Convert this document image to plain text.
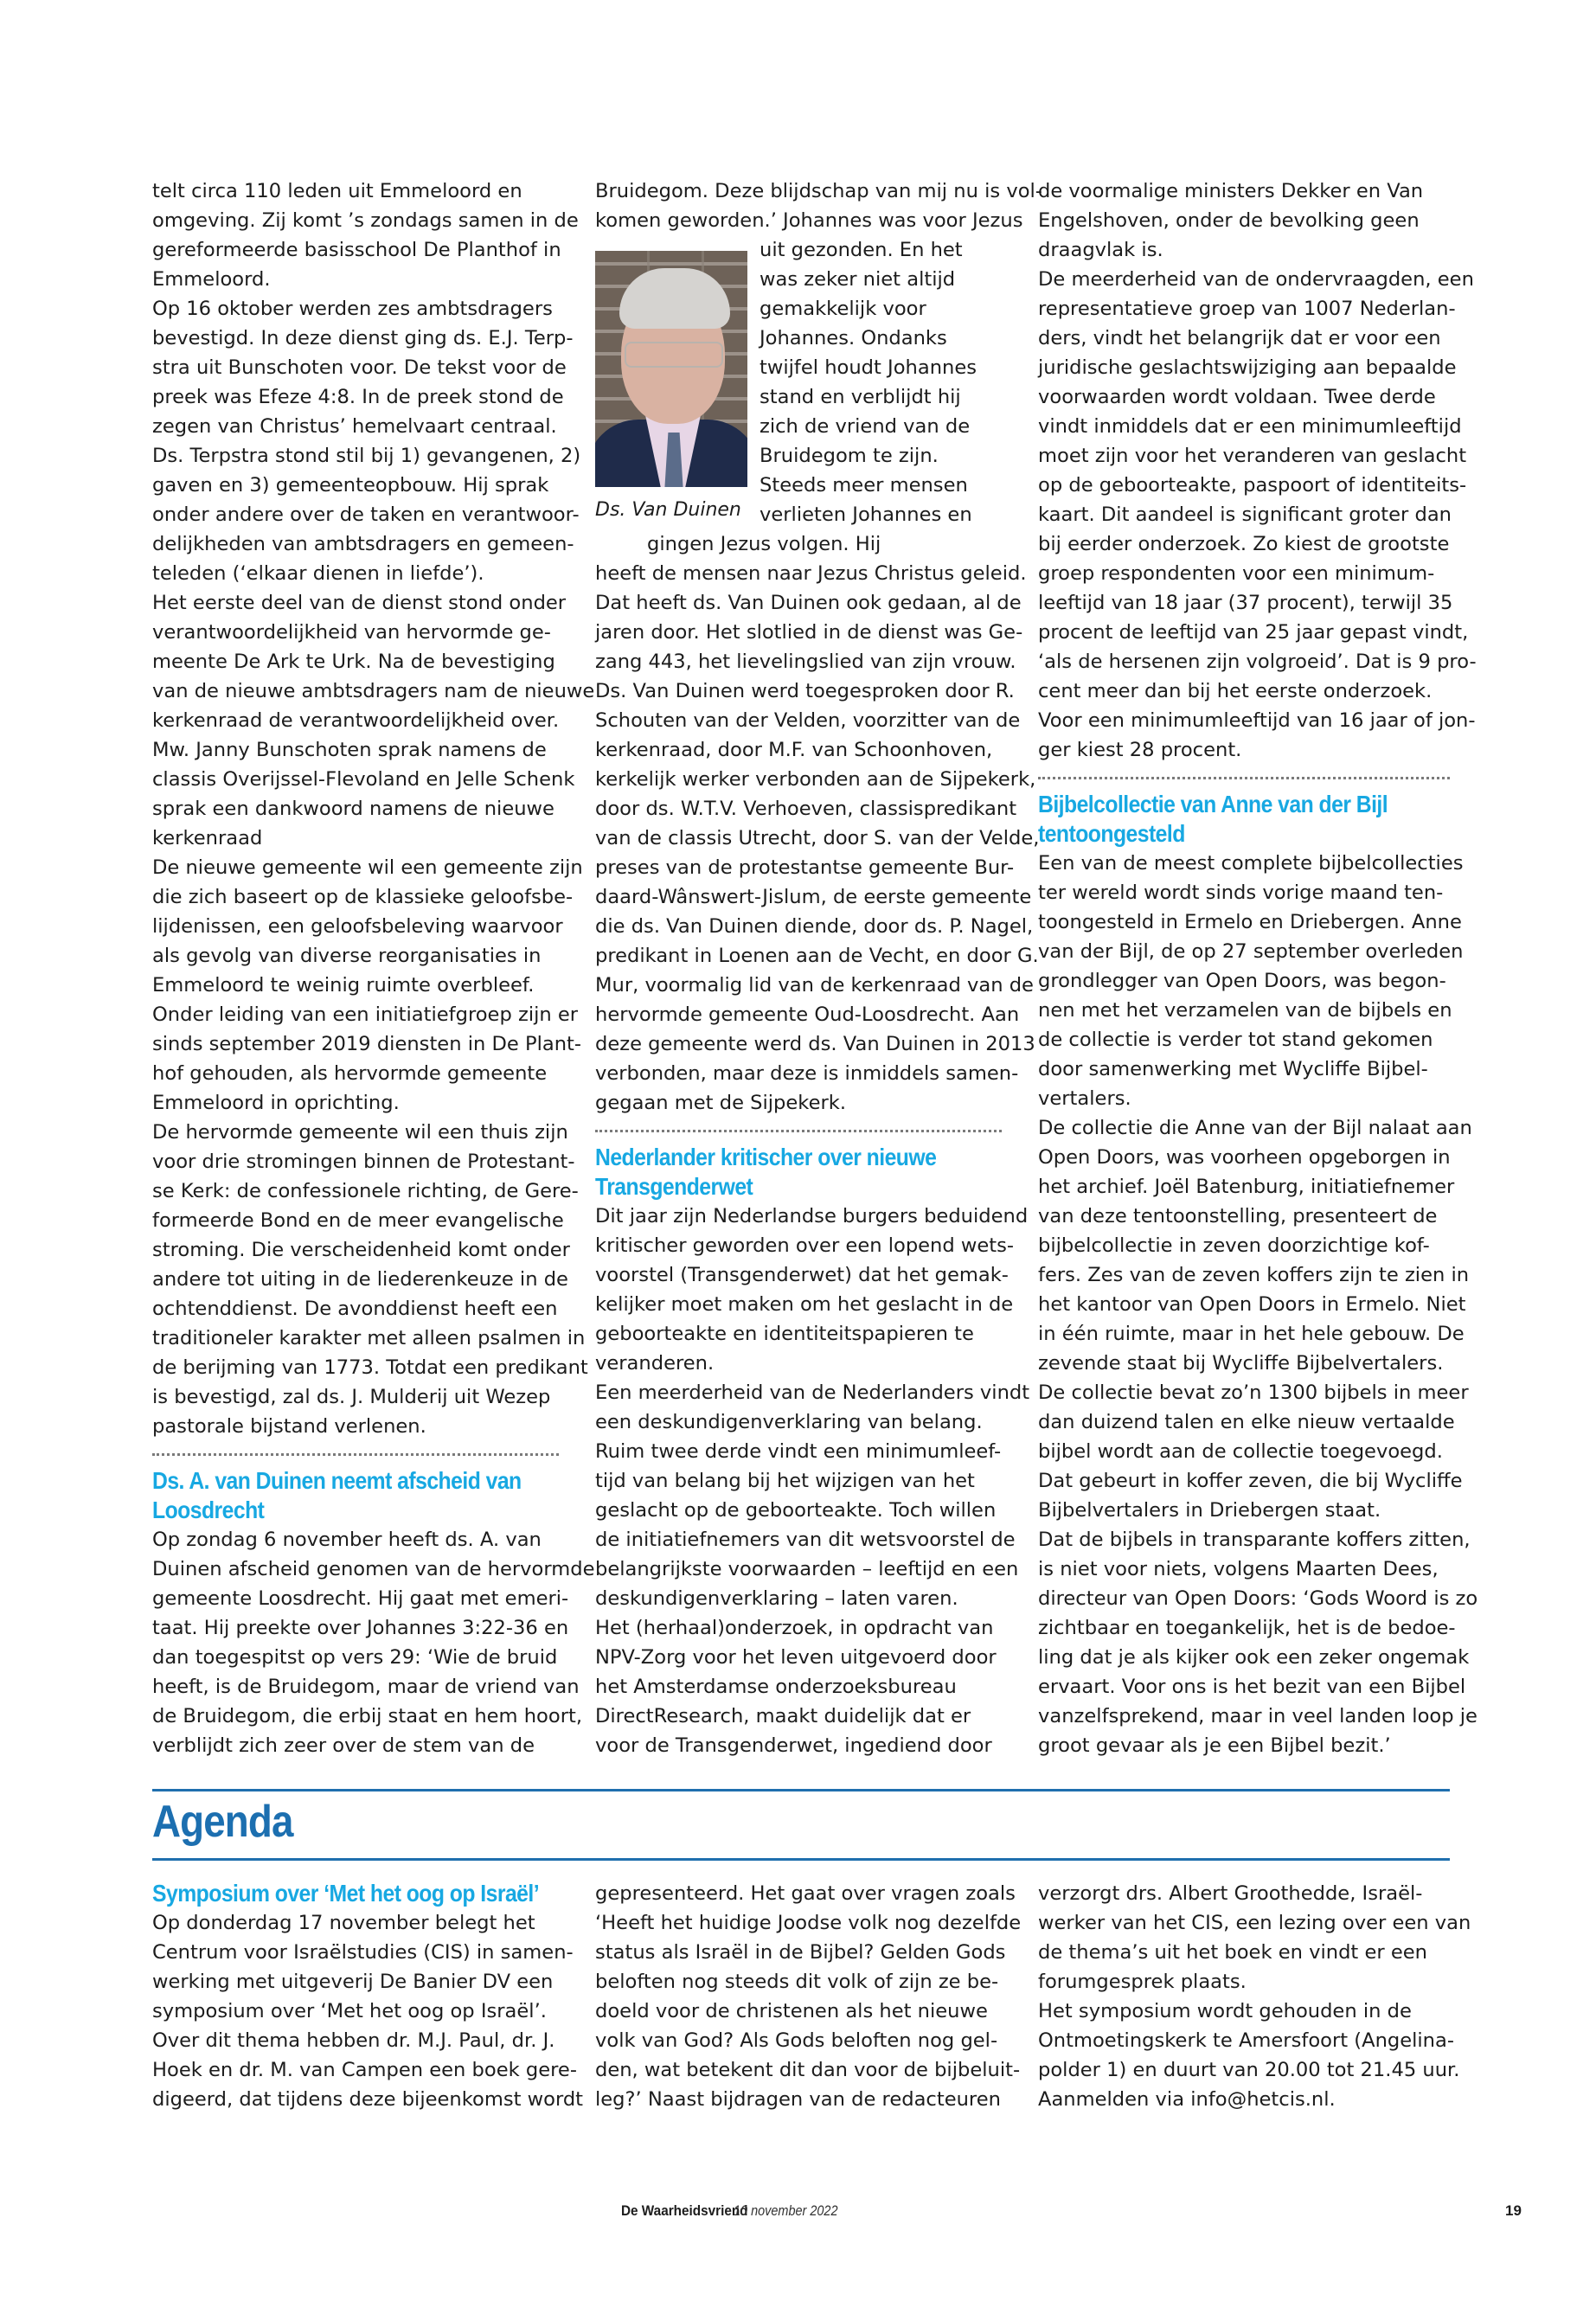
telt circa 110 leden uit Emmeloord en
omgeving. Zij komt ’s zondags samen in de
gereformeerde basisschool De Planthof in
Emmeloord.
Op 16 oktober werden zes ambtsdragers
bevestigd. In deze dienst ging ds. E.J. Terp-
stra uit Bunschoten voor. De tekst voor de
preek was Efeze 4:8. In de preek stond de
zegen van Christus’ hemelvaart centraal.
Ds. Terpstra stond stil bij 1) gevangenen, 2)
gaven en 3) gemeenteopbouw. Hij sprak
onder andere over de taken en verantwoor-
delijkheden van ambtsdragers en gemeen-
teleden (‘elkaar dienen in liefde’).
Het eerste deel van de dienst stond onder
verantwoordelijkheid van hervormde ge-
meente De Ark te Urk. Na de bevestiging
van de nieuwe ambtsdragers nam de nieuwe
kerkenraad de verantwoordelijkheid over.
Mw. Janny Bunschoten sprak namens de
classis Overijssel-Flevoland en Jelle Schenk
sprak een dankwoord namens de nieuwe
kerkenraad
De nieuwe gemeente wil een gemeente zijn
die zich baseert op de klassieke geloofsbe-
lijdenissen, een geloofsbeleving waarvoor
als gevolg van diverse reorganisaties in
Emmeloord te weinig ruimte overbleef.
Onder leiding van een initiatiefgroep zijn er
sinds september 2019 diensten in De Plant-
hof gehouden, als hervormde gemeente
Emmeloord in oprichting.
De hervormde gemeente wil een thuis zijn
voor drie stromingen binnen de Protestant-
se Kerk: de confessionele richting, de Gere-
formeerde Bond en de meer evangelische
stroming. Die verscheidenheid komt onder
andere tot uiting in de liederenkeuze in de
ochtenddienst. De avonddienst heeft een
traditioneler karakter met alleen psalmen in
de berijming van 1773. Totdat een predikant
is bevestigd, zal ds. J. Mulderij uit Wezep
pastorale bijstand verlenen.
Ds. A. van Duinen neemt afscheid van
Loosdrecht
Op zondag 6 november heeft ds. A. van
Duinen afscheid genomen van de hervormde
gemeente Loosdrecht. Hij gaat met emeri-
taat. Hij preekte over Johannes 3:22-36 en
dan toegespitst op vers 29: ‘Wie de bruid
heeft, is de Bruidegom, maar de vriend van
de Bruidegom, die erbij staat en hem hoort,
verblijdt zich zeer over de stem van de
Bruidegom. Deze blijdschap van mij nu is vol-
komen geworden.’ Johannes was voor Jezus
Ds. Van Duinen
uit gezonden. En het
was zeker niet altijd
gemakkelijk voor
Johannes. Ondanks
twijfel houdt Johannes
stand en verblijdt hij
zich de vriend van de
Bruidegom te zijn.
Steeds meer mensen
verlieten Johannes en
gingen Jezus volgen. Hij
heeft de mensen naar Jezus Christus geleid.
Dat heeft ds. Van Duinen ook gedaan, al de
jaren door. Het slotlied in de dienst was Ge-
zang 443, het lievelingslied van zijn vrouw.
Ds. Van Duinen werd toegesproken door R.
Schouten van der Velden, voorzitter van de
kerkenraad, door M.F. van Schoonhoven,
kerkelijk werker verbonden aan de Sijpekerk,
door ds. W.T.V. Verhoeven, classispredikant
van de classis Utrecht, door S. van der Velde,
preses van de protestantse gemeente Bur-
daard-Wânswert-Jislum, de eerste gemeente
die ds. Van Duinen diende, door ds. P. Nagel,
predikant in Loenen aan de Vecht, en door G.
Mur, voormalig lid van de kerkenraad van de
hervormde gemeente Oud-Loosdrecht. Aan
deze gemeente werd ds. Van Duinen in 2013
verbonden, maar deze is inmiddels samen-
gegaan met de Sijpekerk.
Nederlander kritischer over nieuwe
Transgenderwet
Dit jaar zijn Nederlandse burgers beduidend
kritischer geworden over een lopend wets-
voorstel (Transgenderwet) dat het gemak-
kelijker moet maken om het geslacht in de
geboorteakte en identiteitspapieren te
veranderen.
Een meerderheid van de Nederlanders vindt
een deskundigenverklaring van belang.
Ruim twee derde vindt een minimumleef-
tijd van belang bij het wijzigen van het
geslacht op de geboorteakte. Toch willen
de initiatiefnemers van dit wetsvoorstel de
belangrijkste voorwaarden – leeftijd en een
deskundigenverklaring – laten varen.
Het (herhaal)onderzoek, in opdracht van
NPV-Zorg voor het leven uitgevoerd door
het Amsterdamse onderzoeksbureau
DirectResearch, maakt duidelijk dat er
voor de Transgenderwet, ingediend door
de voormalige ministers Dekker en Van
Engelshoven, onder de bevolking geen
draagvlak is.
De meerderheid van de ondervraagden, een
representatieve groep van 1007 Nederlan-
ders, vindt het belangrijk dat er voor een
juridische geslachtswijziging aan bepaalde
voorwaarden wordt voldaan. Twee derde
vindt inmiddels dat er een minimumleeftijd
moet zijn voor het veranderen van geslacht
op de geboorteakte, paspoort of identiteits-
kaart. Dit aandeel is significant groter dan
bij eerder onderzoek. Zo kiest de grootste
groep respondenten voor een minimum-
leeftijd van 18 jaar (37 procent), terwijl 35
procent de leeftijd van 25 jaar gepast vindt,
‘als de hersenen zijn volgroeid’. Dat is 9 pro-
cent meer dan bij het eerste onderzoek.
Voor een minimumleeftijd van 16 jaar of jon-
ger kiest 28 procent.
Bijbelcollectie van Anne van der Bijl
tentoongesteld
Een van de meest complete bijbelcollecties
ter wereld wordt sinds vorige maand ten-
toongesteld in Ermelo en Driebergen. Anne
van der Bijl, de op 27 september overleden
grondlegger van Open Doors, was begon-
nen met het verzamelen van de bijbels en
de collectie is verder tot stand gekomen
door samenwerking met Wycliffe Bijbel-
vertalers.
De collectie die Anne van der Bijl nalaat aan
Open Doors, was voorheen opgeborgen in
het archief. Joël Batenburg, initiatiefnemer
van deze tentoonstelling, presenteert de
bijbelcollectie in zeven doorzichtige kof-
fers. Zes van de zeven koffers zijn te zien in
het kantoor van Open Doors in Ermelo. Niet
in één ruimte, maar in het hele gebouw. De
zevende staat bij Wycliffe Bijbelvertalers.
De collectie bevat zo’n 1300 bijbels in meer
dan duizend talen en elke nieuw vertaalde
bijbel wordt aan de collectie toegevoegd.
Dat gebeurt in koffer zeven, die bij Wycliffe
Bijbelvertalers in Driebergen staat.
Dat de bijbels in transparante koffers zitten,
is niet voor niets, volgens Maarten Dees,
directeur van Open Doors: ‘Gods Woord is zo
zichtbaar en toegankelijk, het is de bedoe-
ling dat je als kijker ook een zeker ongemak
ervaart. Voor ons is het bezit van een Bijbel
vanzelfsprekend, maar in veel landen loop je
groot gevaar als je een Bijbel bezit.’
Agenda
Symposium over ‘Met het oog op Israël’
Op donderdag 17 november belegt het
Centrum voor Israëlstudies (CIS) in samen-
werking met uitgeverij De Banier DV een
symposium over ‘Met het oog op Israël’.
Over dit thema hebben dr. M.J. Paul, dr. J.
Hoek en dr. M. van Campen een boek gere-
digeerd, dat tijdens deze bijeenkomst wordt
gepresenteerd. Het gaat over vragen zoals
‘Heeft het huidige Joodse volk nog dezelfde
status als Israël in de Bijbel? Gelden Gods
beloften nog steeds dit volk of zijn ze be-
doeld voor de christenen als het nieuwe
volk van God? Als Gods beloften nog gel-
den, wat betekent dit dan voor de bijbeluit-
leg?’ Naast bijdragen van de redacteuren
verzorgt drs. Albert Groothedde, Israël-
werker van het CIS, een lezing over een van
de thema’s uit het boek en vindt er een
forumgesprek plaats.
Het symposium wordt gehouden in de
Ontmoetingskerk te Amersfoort (Angelina-
polder 1) en duurt van 20.00 tot 21.45 uur.
Aanmelden via info@hetcis.nl.
De Waarheidsvriend
10 november 2022	19
